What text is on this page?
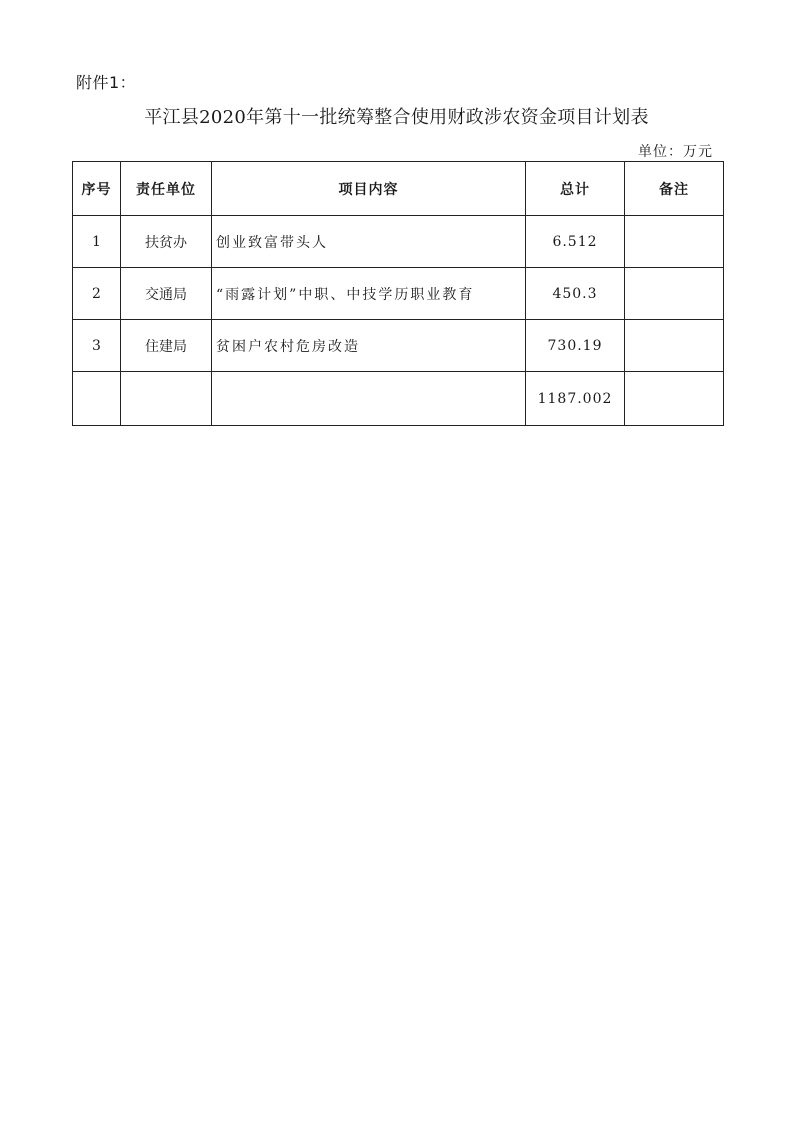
附件1：
平江县2020年第十一批统筹整合使用财政涉农资金项目计划表
单位：万元
序号	责任单位	项目内容	总计	备注
1	扶贫办	创业致富带头人	6.512	
2	交通局	“雨露计划”中职、中技学历职业教育	450.3	
3	住建局	贫困户农村危房改造	730.19	
			1187.002	
